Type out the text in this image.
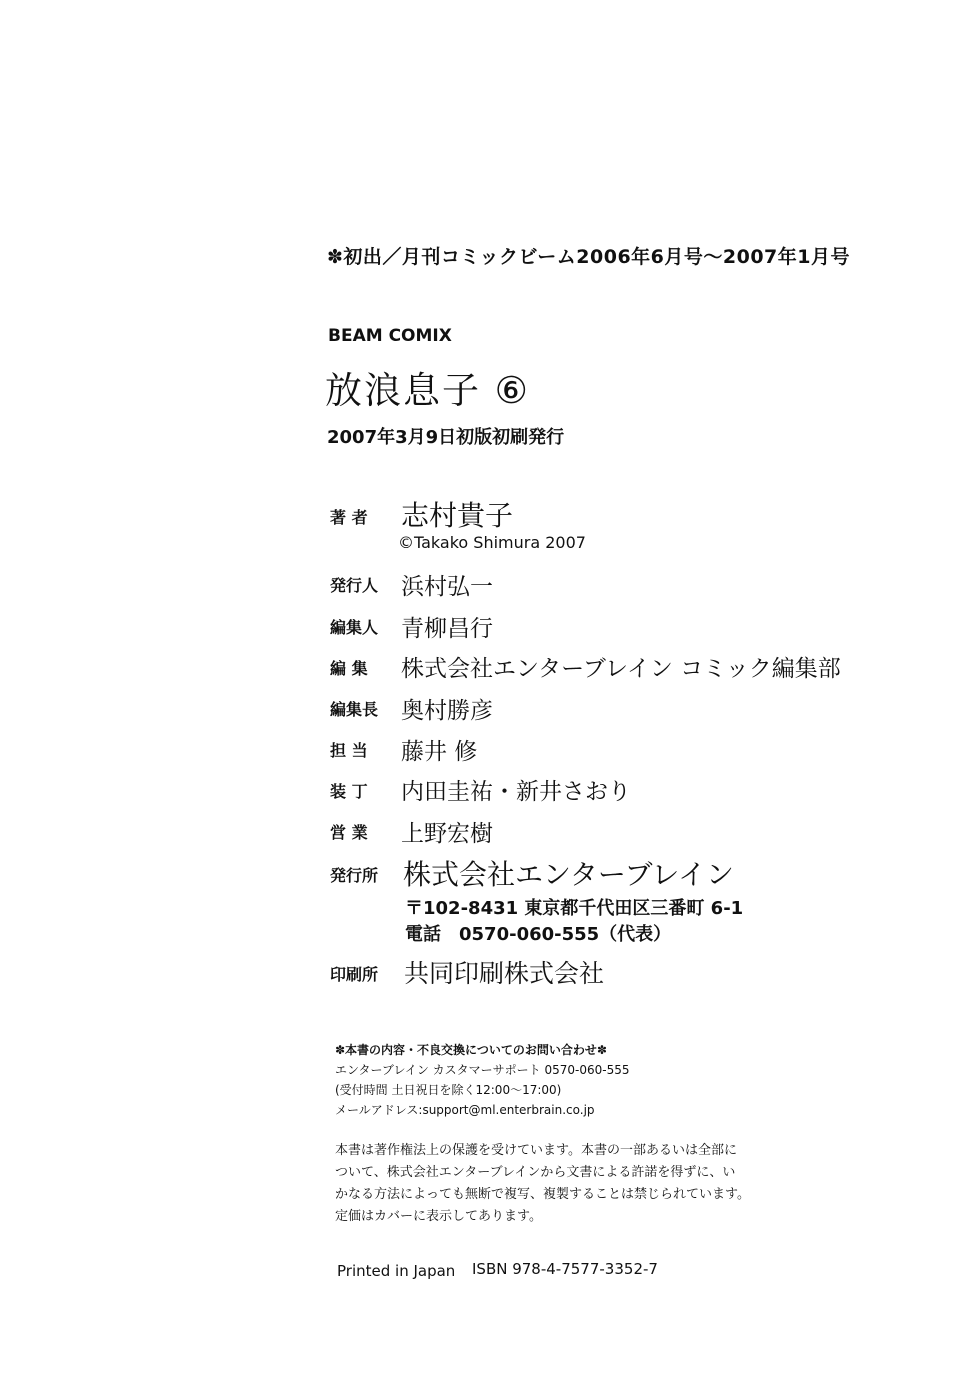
✽初出／月刊コミックビーム2006年6月号～2007年1月号
BEAM COMIX
放浪息子 ⑥
2007年3月9日初版初刷発行
著 者	志村貴子
©Takako Shimura 2007
発行人 浜村弘一
編集人 青柳昌行
編 集	株式会社エンターブレイン コミック編集部
編集長 奥村勝彦
担 当	藤井 修
装 丁	内田圭祐・新井さおり
営 業	上野宏樹
発行所 株式会社エンターブレイン
〒102-8431 東京都千代田区三番町 6-1
電話　0570-060-555（代表）
印刷所	共同印刷株式会社
✽本書の内容・不良交換についてのお問い合わせ✽
エンターブレイン カスタマーサポート 0570-060-555
(受付時間 土日祝日を除く12:00～17:00)
メールアドレス:support@ml.enterbrain.co.jp
本書は著作権法上の保護を受けています。本書の一部あるいは全部に
ついて、株式会社エンターブレインから文書による許諾を得ずに、い
かなる方法によっても無断で複写、複製することは禁じられています。
定価はカバーに表示してあります。
Printed in Japan ISBN 978-4-7577-3352-7
